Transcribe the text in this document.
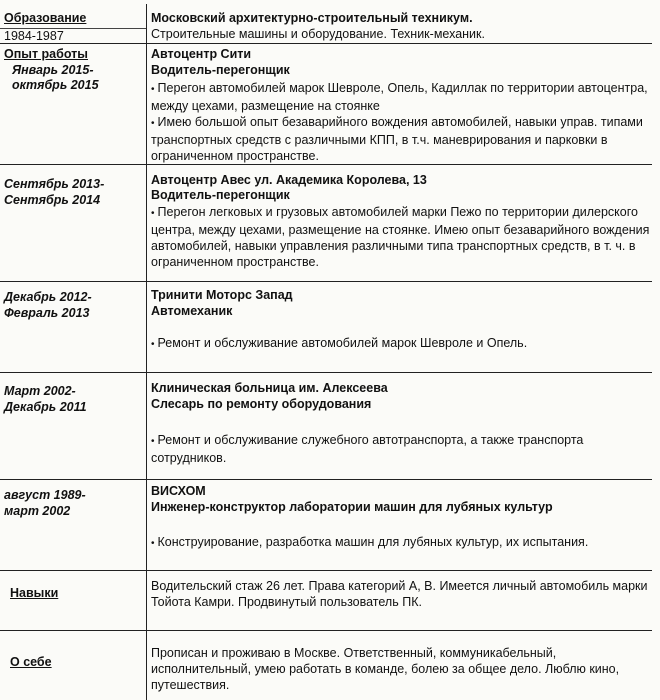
Образование
1984-1987
Московский архитектурно-строительный техникум.
Строительные машины и оборудование. Техник-механик.
Опыт работы
Январь 2015-
октябрь 2015
Автоцентр Сити
Водитель-перегонщик

• Перегон автомобилей марок Шевроле, Опель, Кадиллак по территории автоцентра, между цехами, размещение на стоянке

• Имею большой опыт безаварийного вождения автомобилей, навыки управ. типами транспортных средств с различными КПП, в т.ч. маневрирования и парковки в ограниченном пространстве.

Сентябрь 2013-
Сентябрь 2014
Автоцентр Авес ул. Академика Королева, 13
Водитель-перегонщик

• Перегон легковых и грузовых автомобилей марки Пежо по территории дилерского центра, между цехами, размещение на стоянке. Имею опыт безаварийного вождения автомобилей, навыки управления различными типа транспортных средств, в т. ч. в ограниченном пространстве.

Декабрь 2012-
Февраль 2013
Тринити Моторс Запад
Автомеханик

• Ремонт и обслуживание автомобилей марок Шевроле и Опель.

Март 2002-
Декабрь 2011
Клиническая больница им. Алексеева
Слесарь по ремонту оборудования

• Ремонт и обслуживание служебного автотранспорта, а также транспорта сотрудников.

август 1989-
март 2002
ВИСХОМ
Инженер-конструктор лаборатории машин для лубяных культур

• Конструирование, разработка машин для лубяных культур, их испытания.

Навыки	Водительский стаж 26 лет. Права категорий А, В. Имеется личный автомобиль марки Тойота Камри. Продвинутый пользователь ПК.
О себе
Прописан и проживаю в Москве. Ответственный, коммуникабельный, исполнительный, умею работать в команде, болею за общее дело. Люблю кино, путешествия.
